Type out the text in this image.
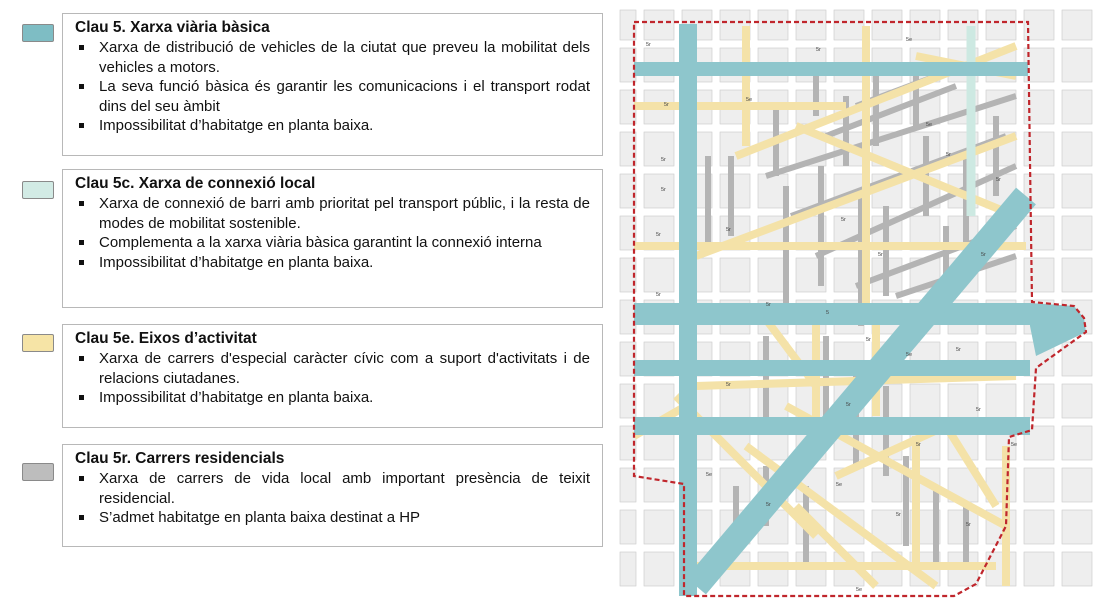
Clau 5. Xarxa viària bàsica
Xarxa de distribució de vehicles de la ciutat que preveu la mobilitat dels vehicles a motors.
La seva funció bàsica és garantir les comunicacions i el transport rodat dins del seu àmbit
Impossibilitat d’habitatge en planta baixa.
Clau 5c. Xarxa de connexió local
Xarxa de connexió de barri amb prioritat pel transport públic, i la resta de modes de mobilitat sostenible.
Complementa a la xarxa viària bàsica garantint la connexió interna
Impossibilitat d’habitatge en planta baixa.
Clau 5e. Eixos d’activitat
Xarxa de carrers d'especial caràcter cívic com a suport d'activitats i de relacions ciutadanes.
Impossibilitat d’habitatge en planta baixa.
Clau 5r. Carrers residencials
Xarxa de carrers de vida local amb important presència de teixit residencial.
S’admet habitatge en planta baixa destinat a HP
5r
5r
5e
5e
5r
5r
5r
5e
5r
5r
5r
5r
5r
5r
5
5r
5e
5r
5r
5r
5r
5r
5e
5r
5e
5r
5r
5e
5e
5r
5r
5r
